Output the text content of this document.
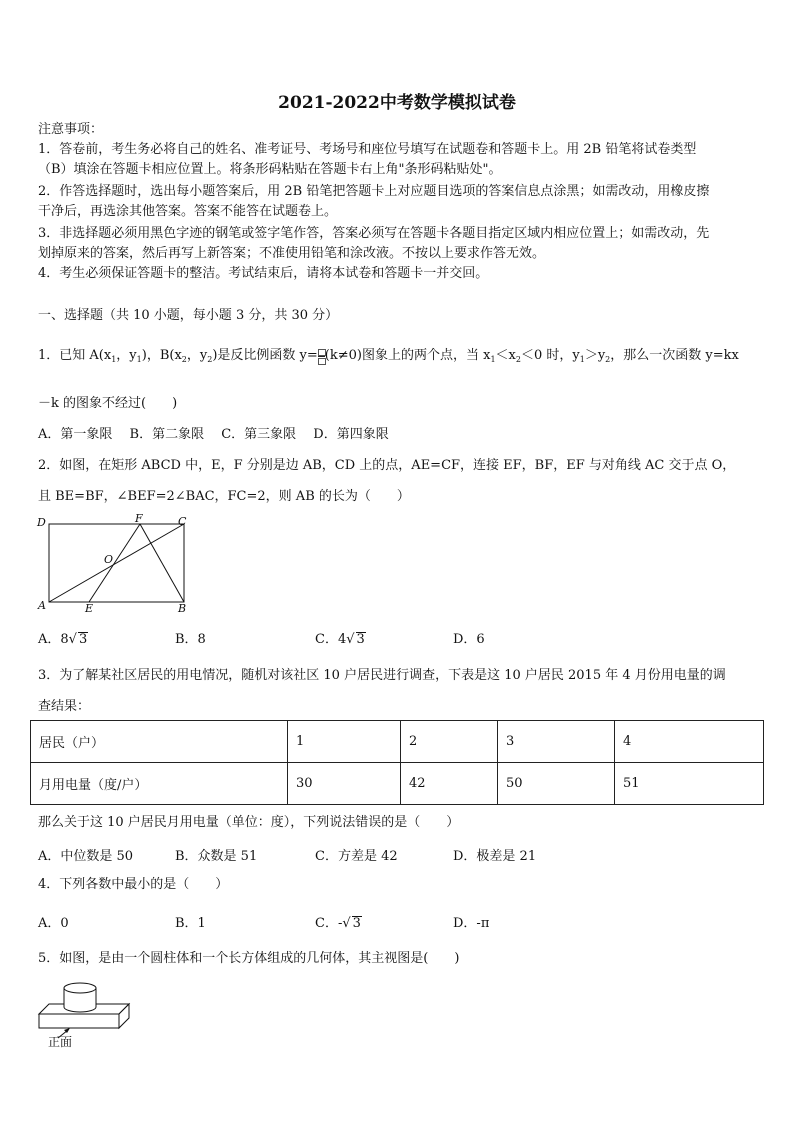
2021-2022中考数学模拟试卷
注意事项：
1．答卷前，考生务必将自己的姓名、准考证号、考场号和座位号填写在试题卷和答题卡上。用 2B 铅笔将试卷类型
（B）填涂在答题卡相应位置上。将条形码粘贴在答题卡右上角"条形码粘贴处"。
2．作答选择题时，选出每小题答案后，用 2B 铅笔把答题卡上对应题目选项的答案信息点涂黑；如需改动，用橡皮擦
干净后，再选涂其他答案。答案不能答在试题卷上。
3．非选择题必须用黑色字迹的钢笔或签字笔作答，答案必须写在答题卡各题目指定区域内相应位置上；如需改动，先
划掉原来的答案，然后再写上新答案；不准使用铅笔和涂改液。不按以上要求作答无效。
4．考生必须保证答题卡的整洁。考试结束后，请将本试卷和答题卡一并交回。
一、选择题（共 10 小题，每小题 3 分，共 30 分）
1．已知 $A(x_1$，$y_1$)，$B(x_2$，$y_2$)是反比例函数 y= (k≠0)图象上的两个点，当 $x_1<x_2<0$ 时，$y_1>y_2$，那么一次函数 y=kx
－k 的图象不经过(　　)
A．第一象限　 B．第二象限　 C．第三象限　 D．第四象限
2．如图，在矩形 ABCD 中，E，F 分别是边 AB，CD 上的点，AE=CF，连接 EF，BF，EF 与对角线 AC 交于点 O，
且 BE=BF，∠BEF=2∠BAC，FC=2，则 AB 的长为（　　）
D	F	C
O
A	E	B
A．8√ 3	B．8	C．4√ 3	D．6
3．为了解某社区居民的用电情况，随机对该社区 10 户居民进行调查，下表是这 10 户居民 2015 年 4 月份用电量的调
查结果：
居民（户）	1	2	3	4
月用电量（度/户）	30	42	50	51
那么关于这 10 户居民月用电量（单位：度），下列说法错误的是（　　）
A．中位数是 50	B．众数是 51	C．方差是 42	D．极差是 21
4．下列各数中最小的是（　　）
A．0	B．1	C．-√ 3	D．-π
5．如图，是由一个圆柱体和一个长方体组成的几何体，其主视图是(　　)
正面
